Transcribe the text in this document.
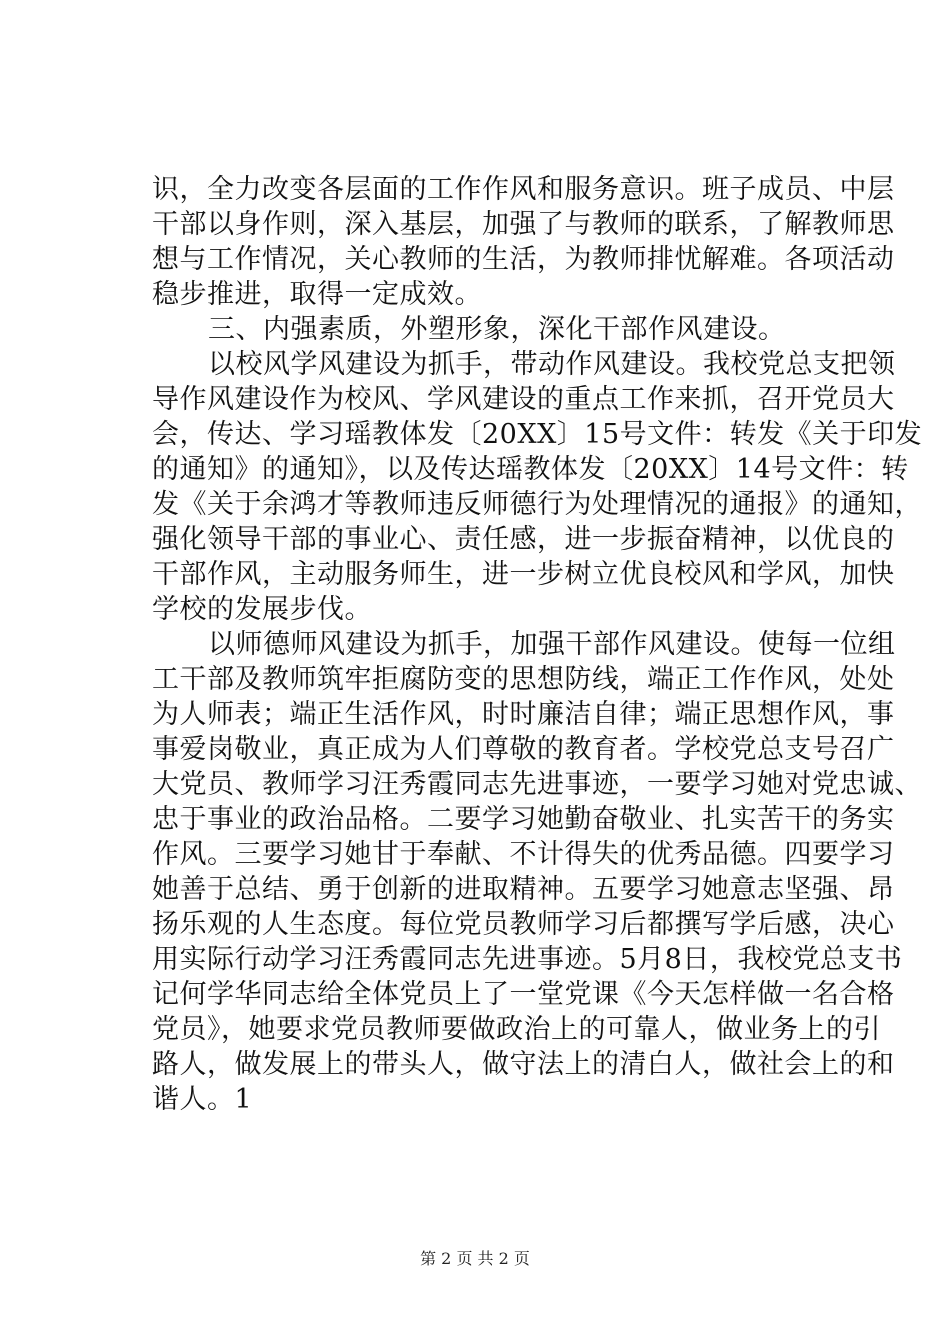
识，全力改变各层面的工作作风和服务意识。班子成员、中层
干部以身作则，深入基层，加强了与教师的联系，了解教师思
想与工作情况，关心教师的生活，为教师排忧解难。各项活动
稳步推进，取得一定成效。
三、内强素质，外塑形象，深化干部作风建设。
以校风学风建设为抓手，带动作风建设。我校党总支把领
导作风建设作为校风、学风建设的重点工作来抓，召开党员大
会，传达、学习瑶教体发〔20XX〕15号文件：转发《关于印发
的通知》的通知》，以及传达瑶教体发〔20XX〕14号文件：转
发《关于余鸿才等教师违反师德行为处理情况的通报》的通知，
强化领导干部的事业心、责任感，进一步振奋精神，以优良的
干部作风，主动服务师生，进一步树立优良校风和学风，加快
学校的发展步伐。
以师德师风建设为抓手，加强干部作风建设。使每一位组
工干部及教师筑牢拒腐防变的思想防线，端正工作作风，处处
为人师表；端正生活作风，时时廉洁自律；端正思想作风，事
事爱岗敬业，真正成为人们尊敬的教育者。学校党总支号召广
大党员、教师学习汪秀霞同志先进事迹，一要学习她对党忠诚、
忠于事业的政治品格。二要学习她勤奋敬业、扎实苦干的务实
作风。三要学习她甘于奉献、不计得失的优秀品德。四要学习
她善于总结、勇于创新的进取精神。五要学习她意志坚强、昂
扬乐观的人生态度。每位党员教师学习后都撰写学后感，决心
用实际行动学习汪秀霞同志先进事迹。5月8日，我校党总支书
记何学华同志给全体党员上了一堂党课《今天怎样做一名合格
党员》，她要求党员教师要做政治上的可靠人，做业务上的引
路人，做发展上的带头人，做守法上的清白人，做社会上的和
谐人。1
第 2 页 共 2 页
